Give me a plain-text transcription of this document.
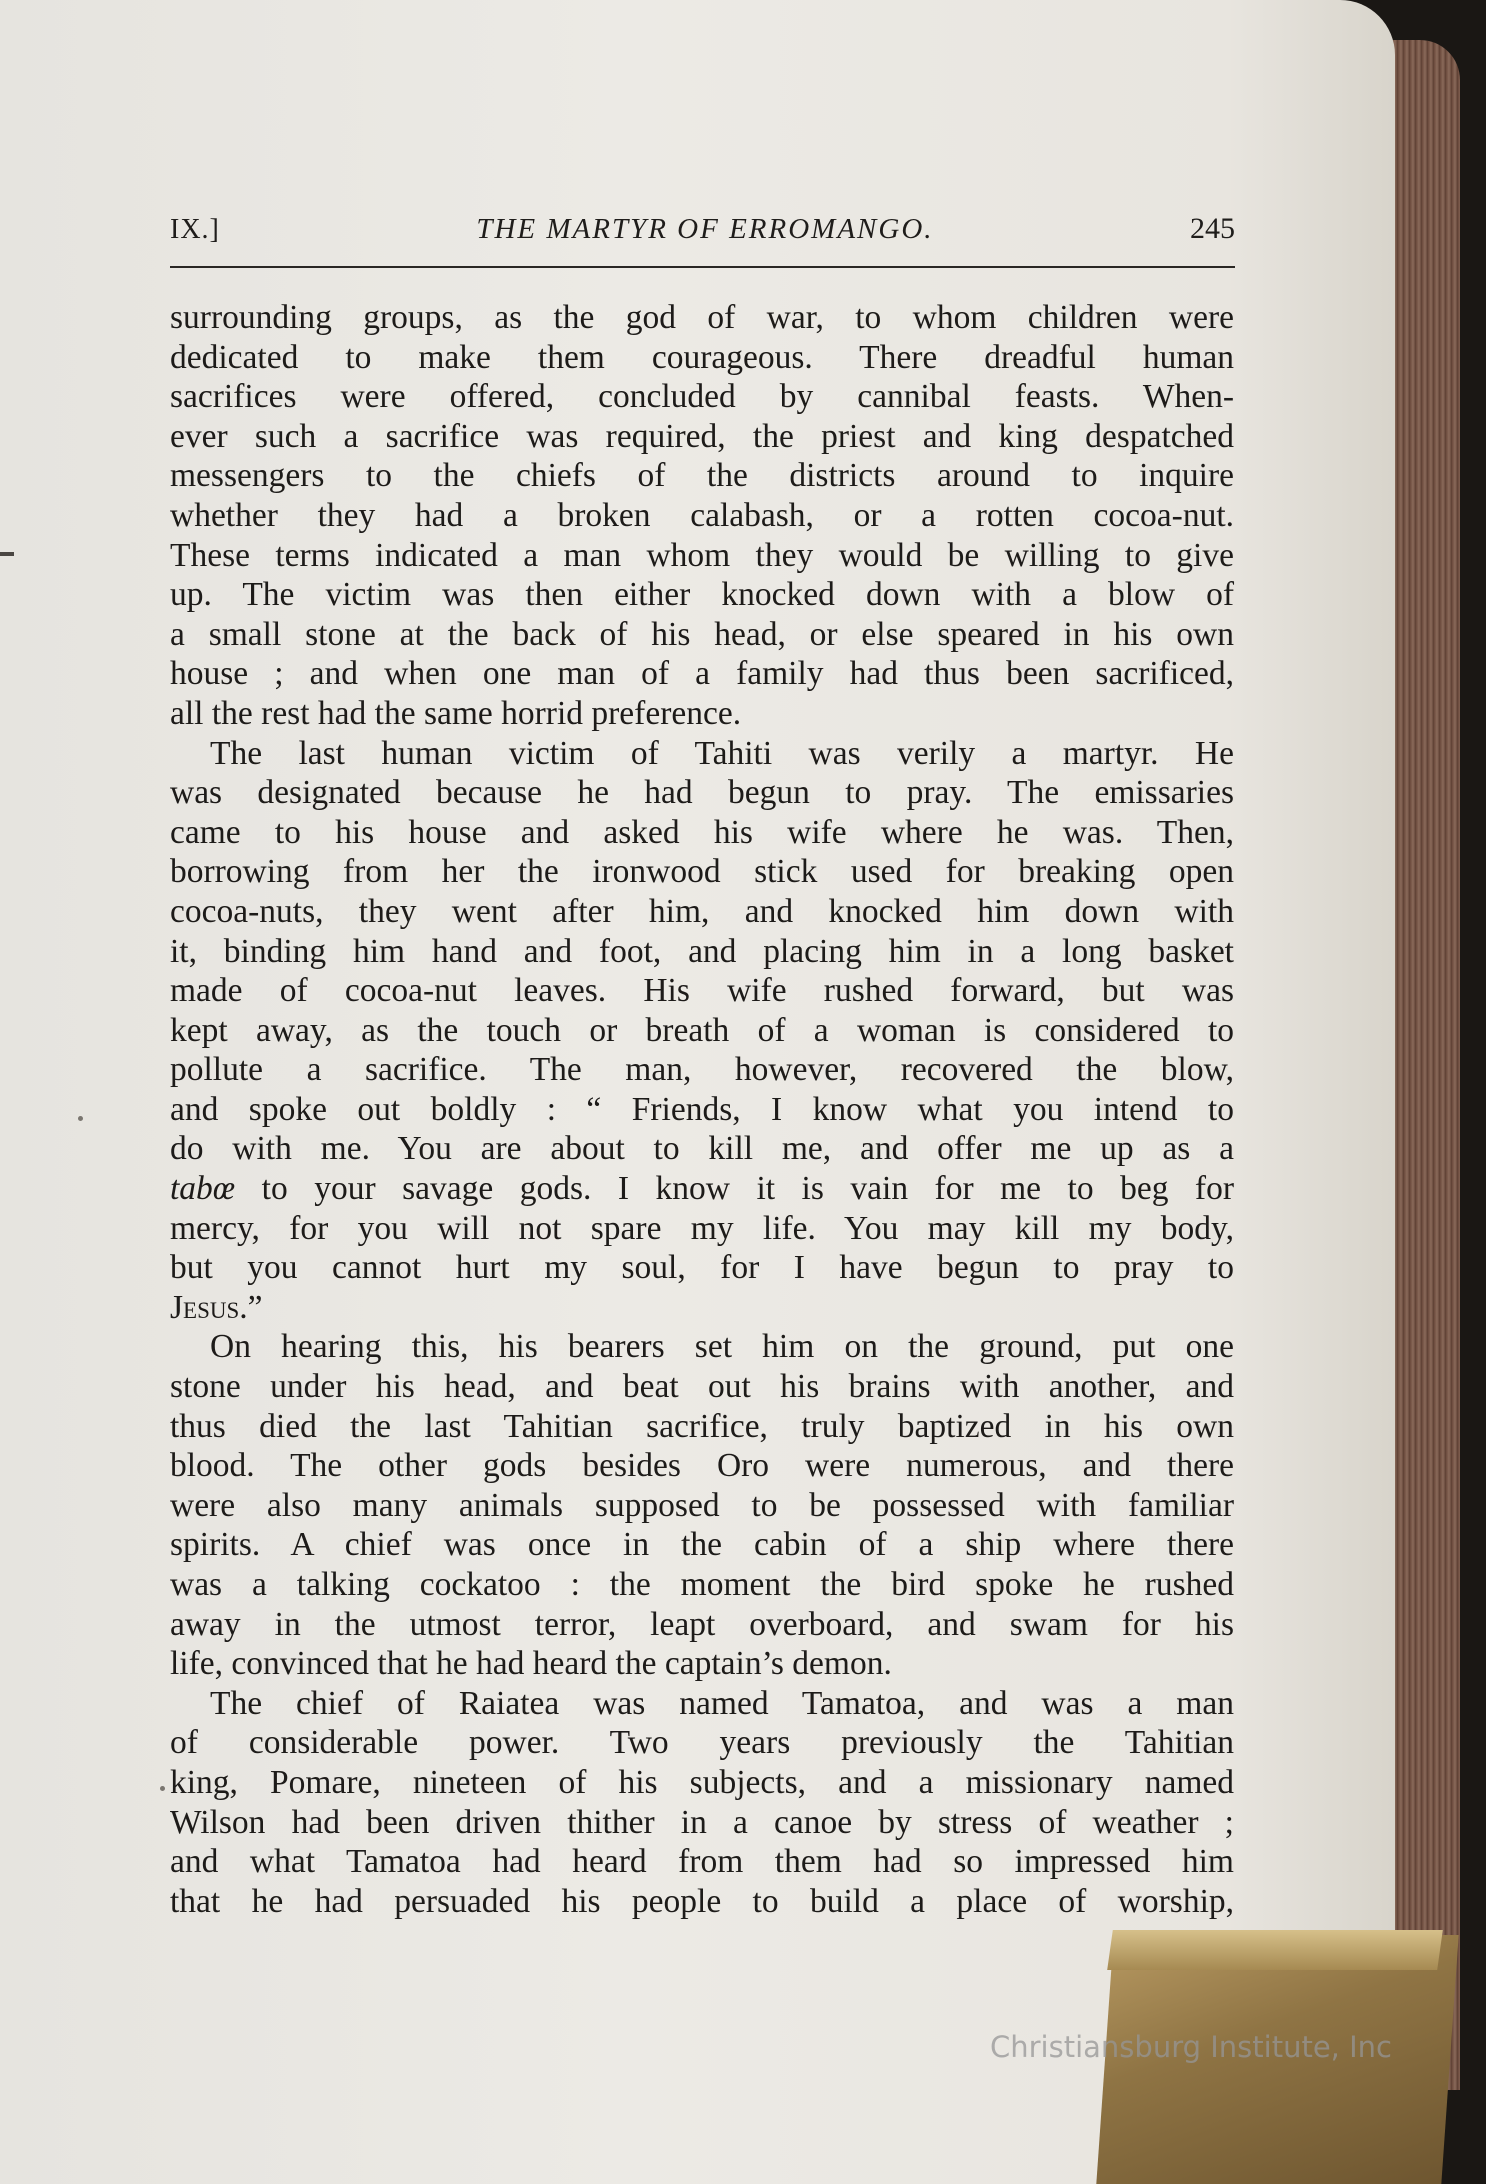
IX.]	THE MARTYR OF ERROMANGO.	245
surrounding groups, as the god of war, to whom children were
dedicated to make them courageous. There dreadful human
sacrifices were offered, concluded by cannibal feasts. When-
ever such a sacrifice was required, the priest and king despatched
messengers to the chiefs of the districts around to inquire
whether they had a broken calabash, or a rotten cocoa-nut.
These terms indicated a man whom they would be willing to give
up. The victim was then either knocked down with a blow of
a small stone at the back of his head, or else speared in his own
house ; and when one man of a family had thus been sacrificed,
all the rest had the same horrid preference.
The last human victim of Tahiti was verily a martyr. He
was designated because he had begun to pray. The emissaries
came to his house and asked his wife where he was. Then,
borrowing from her the ironwood stick used for breaking open
cocoa-nuts, they went after him, and knocked him down with
it, binding him hand and foot, and placing him in a long basket
made of cocoa-nut leaves. His wife rushed forward, but was
kept away, as the touch or breath of a woman is considered to
pollute a sacrifice. The man, however, recovered the blow,
and spoke out boldly : “ Friends, I know what you intend to
do with me. You are about to kill me, and offer me up as a
tabœ to your savage gods. I know it is vain for me to beg for
mercy, for you will not spare my life. You may kill my body,
but you cannot hurt my soul, for I have begun to pray to
Jesus.”
On hearing this, his bearers set him on the ground, put one
stone under his head, and beat out his brains with another, and
thus died the last Tahitian sacrifice, truly baptized in his own
blood. The other gods besides Oro were numerous, and there
were also many animals supposed to be possessed with familiar
spirits. A chief was once in the cabin of a ship where there
was a talking cockatoo : the moment the bird spoke he rushed
away in the utmost terror, leapt overboard, and swam for his
life, convinced that he had heard the captain’s demon.
The chief of Raiatea was named Tamatoa, and was a man
of considerable power. Two years previously the Tahitian
king, Pomare, nineteen of his subjects, and a missionary named
Wilson had been driven thither in a canoe by stress of weather ;
and what Tamatoa had heard from them had so impressed him
that he had persuaded his people to build a place of worship,
Christiansburg Institute, Inc
